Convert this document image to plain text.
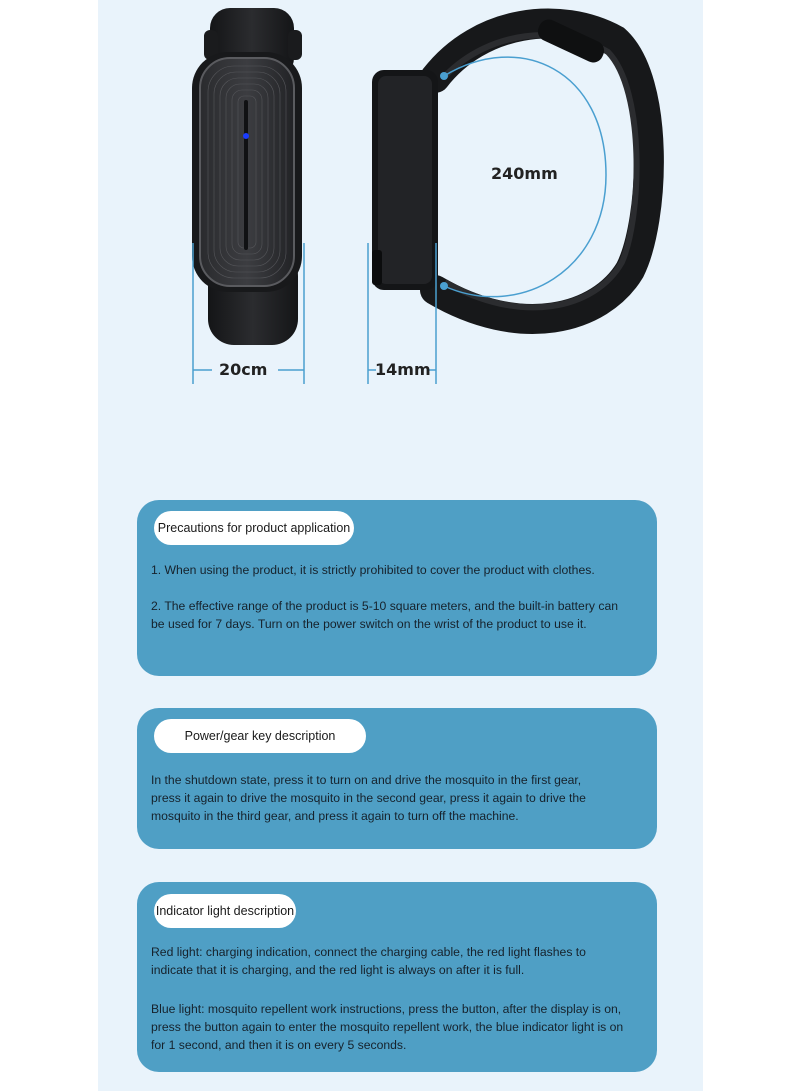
20cm	14mm
240mm
Precautions for product application
1. When using the product, it is strictly prohibited to cover the product with clothes.
2. The effective range of the product is 5-10 square meters, and the built-in battery can be used for 7 days. Turn on the power switch on the wrist of the product to use it.
Power/gear key description
In the shutdown state, press it to turn on and drive the mosquito in the first gear, press it again to drive the mosquito in the second gear, press it again to drive the mosquito in the third gear, and press it again to turn off the machine.
Indicator light description
Red light: charging indication, connect the charging cable, the red light flashes to indicate that it is charging, and the red light is always on after it is full.
Blue light: mosquito repellent work instructions, press the button, after the display is on, press the button again to enter the mosquito repellent work, the blue indicator light is on for 1 second, and then it is on every 5 seconds.
